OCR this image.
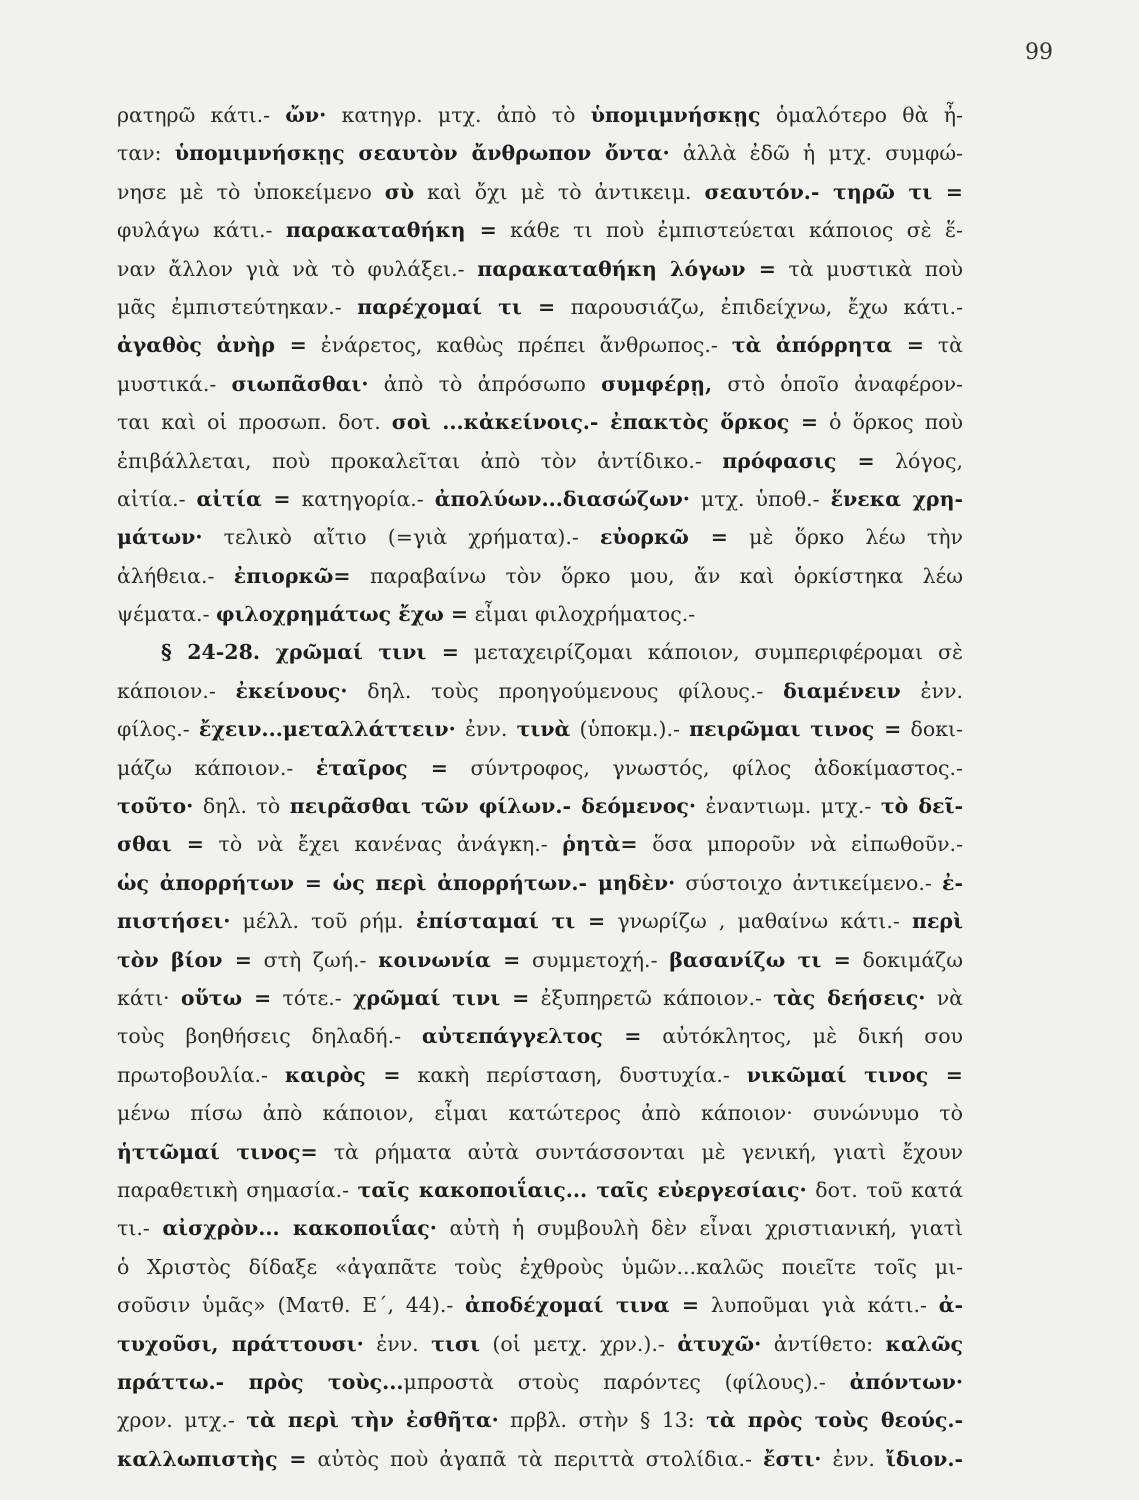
99
ρατηρῶ κάτι.- ὤν· κατηγρ. μτχ. ἀπὸ τὸ ὑπομιμνήσκῃς ὁμαλότερο θὰ ἦ-
ταν: ὑπομιμνήσκῃς σεαυτὸν ἄνθρωπον ὄντα· ἀλλὰ ἐδῶ ἡ μτχ. συμφώ-
νησε μὲ τὸ ὑποκείμενο σὺ καὶ ὄχι μὲ τὸ ἀντικειμ. σεαυτόν.- τηρῶ τι =
φυλάγω κάτι.- παρακαταθήκη = κάθε τι ποὺ ἐμπιστεύεται κάποιος σὲ ἕ-
ναν ἄλλον γιὰ νὰ τὸ φυλάξει.- παρακαταθήκη λόγων = τὰ μυστικὰ ποὺ
μᾶς ἐμπιστεύτηκαν.- παρέχομαί τι = παρουσιάζω, ἐπιδείχνω, ἔχω κάτι.-
ἀγαθὸς ἀνὴρ = ἐνάρετος, καθὼς πρέπει ἄνθρωπος.- τὰ ἀπόρρητα = τὰ
μυστικά.- σιωπᾶσθαι· ἀπὸ τὸ ἀπρόσωπο συμφέρῃ, στὸ ὁποῖο ἀναφέρον-
ται καὶ οἱ προσωπ. δοτ. σοὶ ...κἀκείνοις.- ἐπακτὸς ὅρκος = ὁ ὅρκος ποὺ
ἐπιβάλλεται, ποὺ προκαλεῖται ἀπὸ τὸν ἀντίδικο.- πρόφασις = λόγος,
αἰτία.- αἰτία = κατηγορία.- ἀπολύων...διασώζων· μτχ. ὑποθ.- ἕνεκα χρη-
μάτων· τελικὸ αἴτιο (=γιὰ χρήματα).- εὐορκῶ = μὲ ὅρκο λέω τὴν
ἀλήθεια.- ἐπιορκῶ= παραβαίνω τὸν ὅρκο μου, ἄν καὶ ὁρκίστηκα λέω
ψέματα.- φιλοχρημάτως ἔχω = εἶμαι φιλοχρήματος.-
§ 24-28. χρῶμαί τινι = μεταχειρίζομαι κάποιον, συμπεριφέρομαι σὲ
κάποιον.- ἐκείνους· δηλ. τοὺς προηγούμενους φίλους.- διαμένειν ἐνν.
φίλος.- ἔχειν...μεταλλάττειν· ἐνν. τινὰ (ὑποκμ.).- πειρῶμαι τινος = δοκι-
μάζω κάποιον.- ἑταῖρος = σύντροφος, γνωστός, φίλος ἀδοκίμαστος.-
τοῦτο· δηλ. τὸ πειρᾶσθαι τῶν φίλων.- δεόμενος· ἐναντιωμ. μτχ.- τὸ δεῖ-
σθαι = τὸ νὰ ἔχει κανένας ἀνάγκη.- ῥητὰ= ὅσα μποροῦν νὰ εἰπωθοῦν.-
ὡς ἀπορρήτων = ὡς περὶ ἀπορρήτων.- μηδὲν· σύστοιχο ἀντικείμενο.- ἐ-
πιστήσει· μέλλ. τοῦ ρήμ. ἐπίσταμαί τι = γνωρίζω , μαθαίνω κάτι.- περὶ
τὸν βίον = στὴ ζωή.- κοινωνία = συμμετοχή.- βασανίζω τι = δοκιμάζω
κάτι· οὕτω = τότε.- χρῶμαί τινι = ἐξυπηρετῶ κάποιον.- τὰς δεήσεις· νὰ
τοὺς βοηθήσεις δηλαδή.- αὐτεπάγγελτος = αὐτόκλητος, μὲ δική σου
πρωτοβουλία.- καιρὸς = κακὴ περίσταση, δυστυχία.- νικῶμαί τινος =
μένω πίσω ἀπὸ κάποιον, εἶμαι κατώτερος ἀπὸ κάποιον· συνώνυμο τὸ
ἡττῶμαί τινος= τὰ ρήματα αὐτὰ συντάσσονται μὲ γενική, γιατὶ ἔχουν
παραθετικὴ σημασία.- ταῖς κακοποιΐαις... ταῖς εὐεργεσίαις· δοτ. τοῦ κατά
τι.- αἰσχρὸν... κακοποιΐας· αὐτὴ ἡ συμβουλὴ δὲν εἶναι χριστιανική, γιατὶ
ὁ Χριστὸς δίδαξε «ἀγαπᾶτε τοὺς ἐχθροὺς ὑμῶν...καλῶς ποιεῖτε τοῖς μι-
σοῦσιν ὑμᾶς» (Ματθ. Ε΄, 44).- ἀποδέχομαί τινα = λυποῦμαι γιὰ κάτι.- ἀ-
τυχοῦσι, πράττουσι· ἐνν. τισι (οἱ μετχ. χρν.).- ἀτυχῶ· ἀντίθετο: καλῶς
πράττω.- πρὸς τοὺς...μπροστὰ στοὺς παρόντες (φίλους).- ἀπόντων·
χρον. μτχ.- τὰ περὶ τὴν ἐσθῆτα· πρβλ. στὴν § 13: τὰ πρὸς τοὺς θεούς.-
καλλωπιστὴς = αὐτὸς ποὺ ἀγαπᾶ τὰ περιττὰ στολίδια.- ἔστι· ἐνν. ἴδιον.-
